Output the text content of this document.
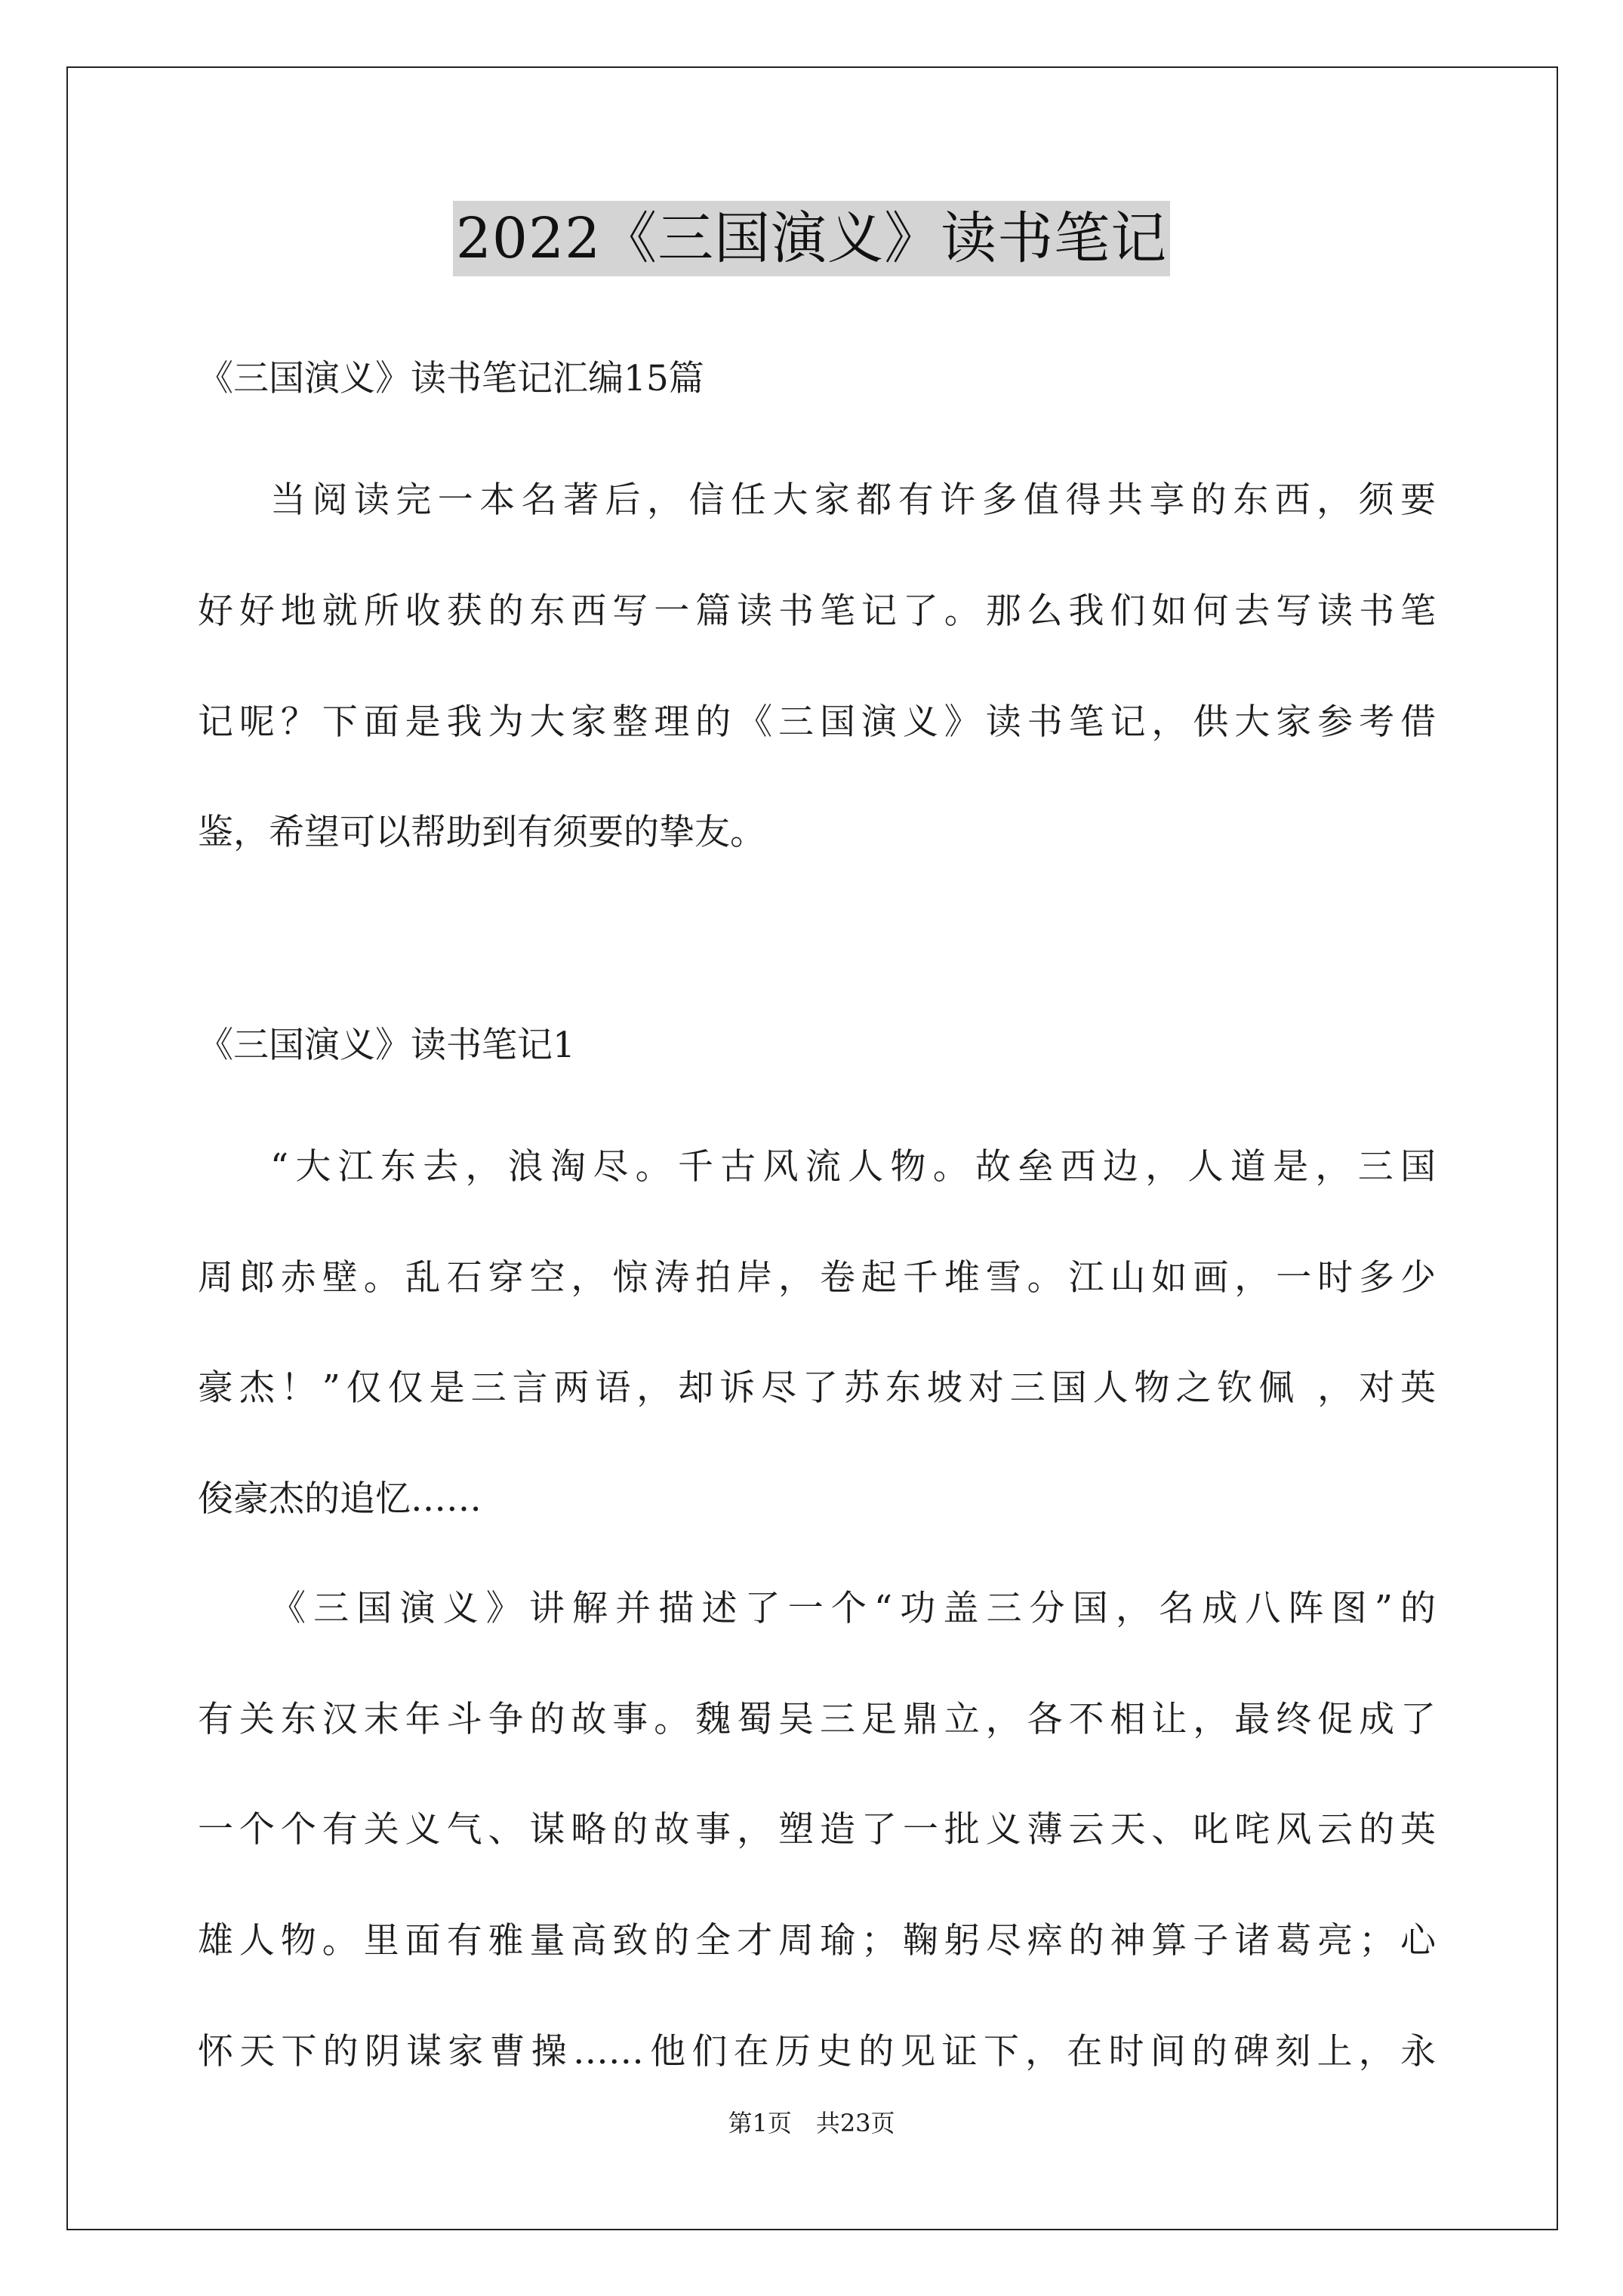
2022《三国演义》读书笔记
《三国演义》读书笔记汇编15篇
当阅读完一本名著后，信任大家都有许多值得共享的东西，须要
好好地就所收获的东西写一篇读书笔记了。那么我们如何去写读书笔
记呢？下面是我为大家整理的《三国演义》读书笔记，供大家参考借
鉴，希望可以帮助到有须要的挚友。
《三国演义》读书笔记1
“大江东去，浪淘尽。千古风流人物。故垒西边，人道是，三国
周郎赤壁。乱石穿空，惊涛拍岸，卷起千堆雪。江山如画，一时多少
豪杰！”仅仅是三言两语，却诉尽了苏东坡对三国人物之钦佩 ，对英
俊豪杰的追忆……
《三国演义》讲解并描述了一个“功盖三分国，名成八阵图”的
有关东汉末年斗争的故事。魏蜀吴三足鼎立，各不相让，最终促成了
一个个有关义气、谋略的故事，塑造了一批义薄云天、叱咤风云的英
雄人物。里面有雅量高致的全才周瑜；鞠躬尽瘁的神算子诸葛亮；心
怀天下的阴谋家曹操……他们在历史的见证下，在时间的碑刻上，永
第1页　共23页
